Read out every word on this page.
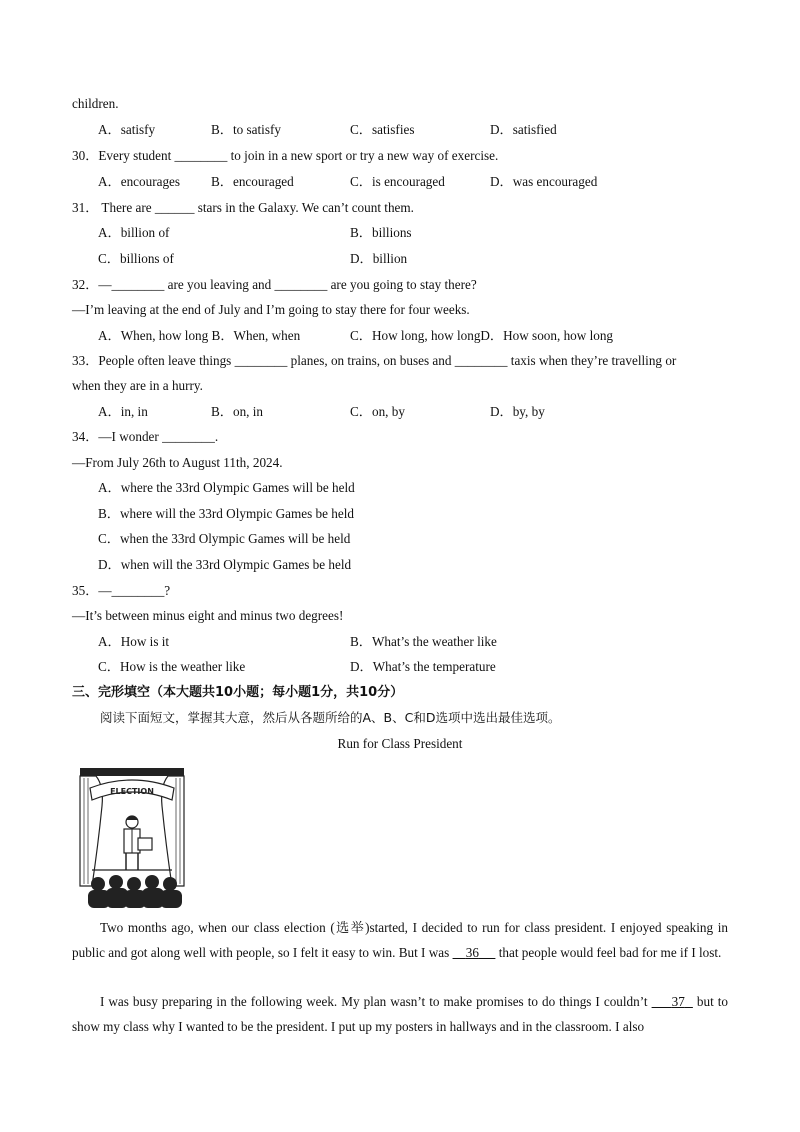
children.
A．satisfy	B．to satisfy	C．satisfies	D．satisfied
30．Every student ________ to join in a new sport or try a new way of exercise.
A．encourages B．encouraged	C．is encouraged	D．was encouraged
31． There are ______ stars in the Galaxy. We can’t count them.
A．billion of	B．billions
C．billions of	D．billion
32．—________ are you leaving and ________ are you going to stay there?
—I’m leaving at the end of July and I’m going to stay there for four weeks.
A．When, how long B．When, when	C．How long, how longD．How soon, how long
33．People often leave things ________ planes, on trains, on buses and ________ taxis when they’re travelling or
when they are in a hurry.
A．in, in	B．on, in	C．on, by	D．by, by
34．—I wonder ________.
—From July 26th to August 11th, 2024.
A．where the 33rd Olympic Games will be held
B．where will the 33rd Olympic Games be held
C．when the 33rd Olympic Games will be held
D．when will the 33rd Olympic Games be held
35．—________?
—It’s between minus eight and minus two degrees!
A．How is it	B．What’s the weather like
C．How is the weather like	D．What’s the temperature
三、完形填空（本大题共10小题；每小题1分，共10分）
阅读下面短文，掌握其大意，然后从各题所给的A、B、C和D选项中选出最佳选项。
Run for Class President
ELECTION
Two months ago, when our class election (选举)started, I decided to run for class president. I enjoyed speaking in public and got along well with people, so I felt it easy to win. But I was     36      that people would feel bad for me if I lost.
I was busy preparing in the following week. My plan wasn’t to make promises to do things I couldn’t      37   but to show my class why I wanted to be the president. I put up my posters in hallways and in the classroom. I also
